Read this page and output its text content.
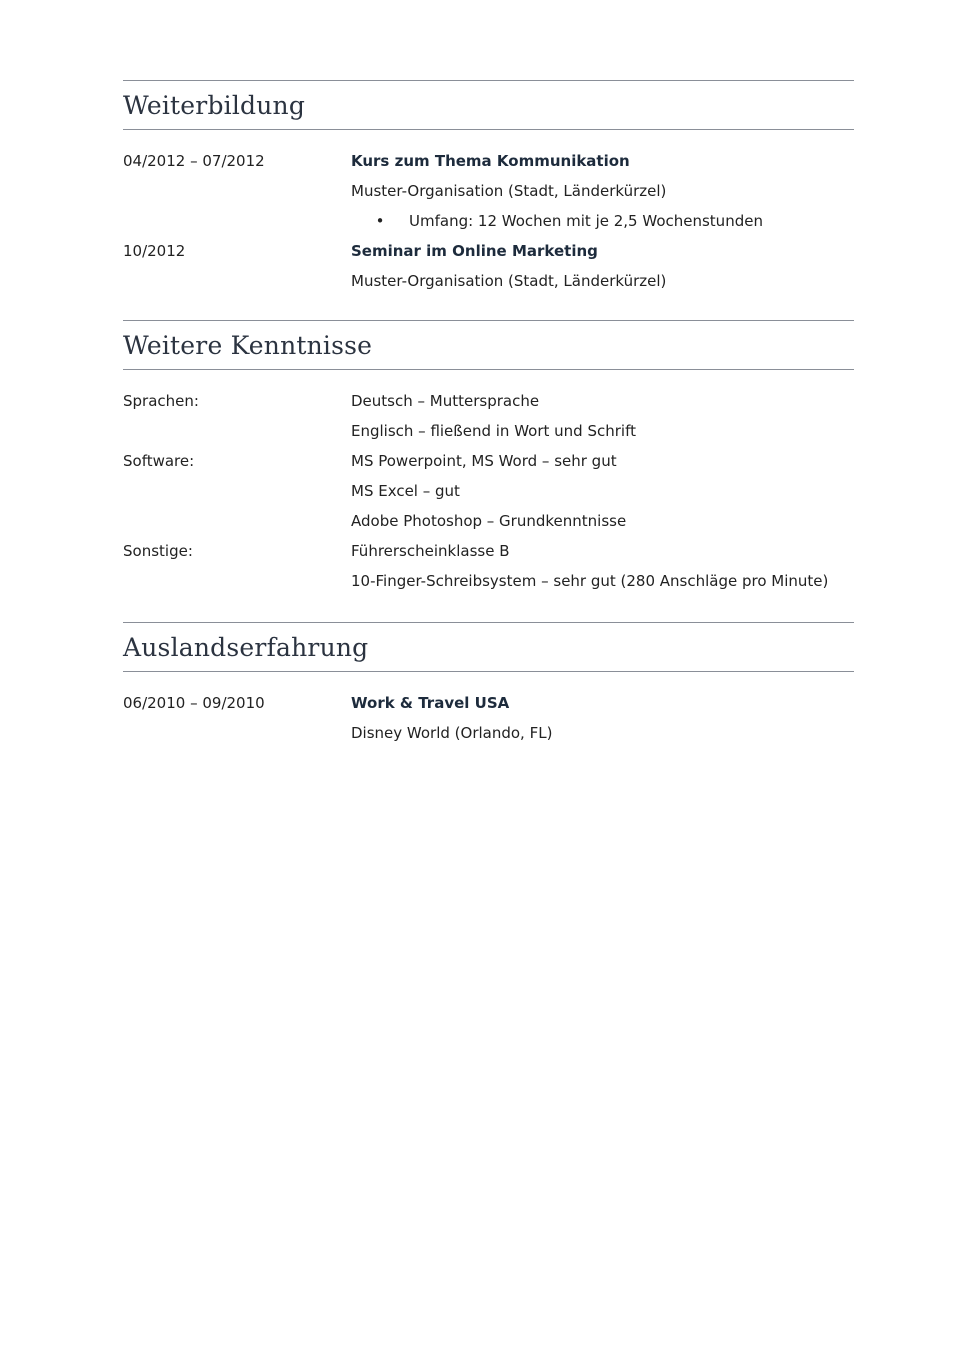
Weiterbildung
04/2012 – 07/2012	Kurs zum Thema Kommunikation
Muster-Organisation (Stadt, Länderkürzel)
•	Umfang: 12 Wochen mit je 2,5 Wochenstunden
10/2012	Seminar im Online Marketing
Muster-Organisation (Stadt, Länderkürzel)
Weitere Kenntnisse
Sprachen:	Deutsch – Muttersprache
Englisch – fließend in Wort und Schrift
Software:	MS Powerpoint, MS Word – sehr gut
MS Excel – gut
Adobe Photoshop – Grundkenntnisse
Sonstige:	Führerscheinklasse B
10-Finger-Schreibsystem – sehr gut (280 Anschläge pro Minute)
Auslandserfahrung
06/2010 – 09/2010	Work & Travel USA
Disney World (Orlando, FL)
